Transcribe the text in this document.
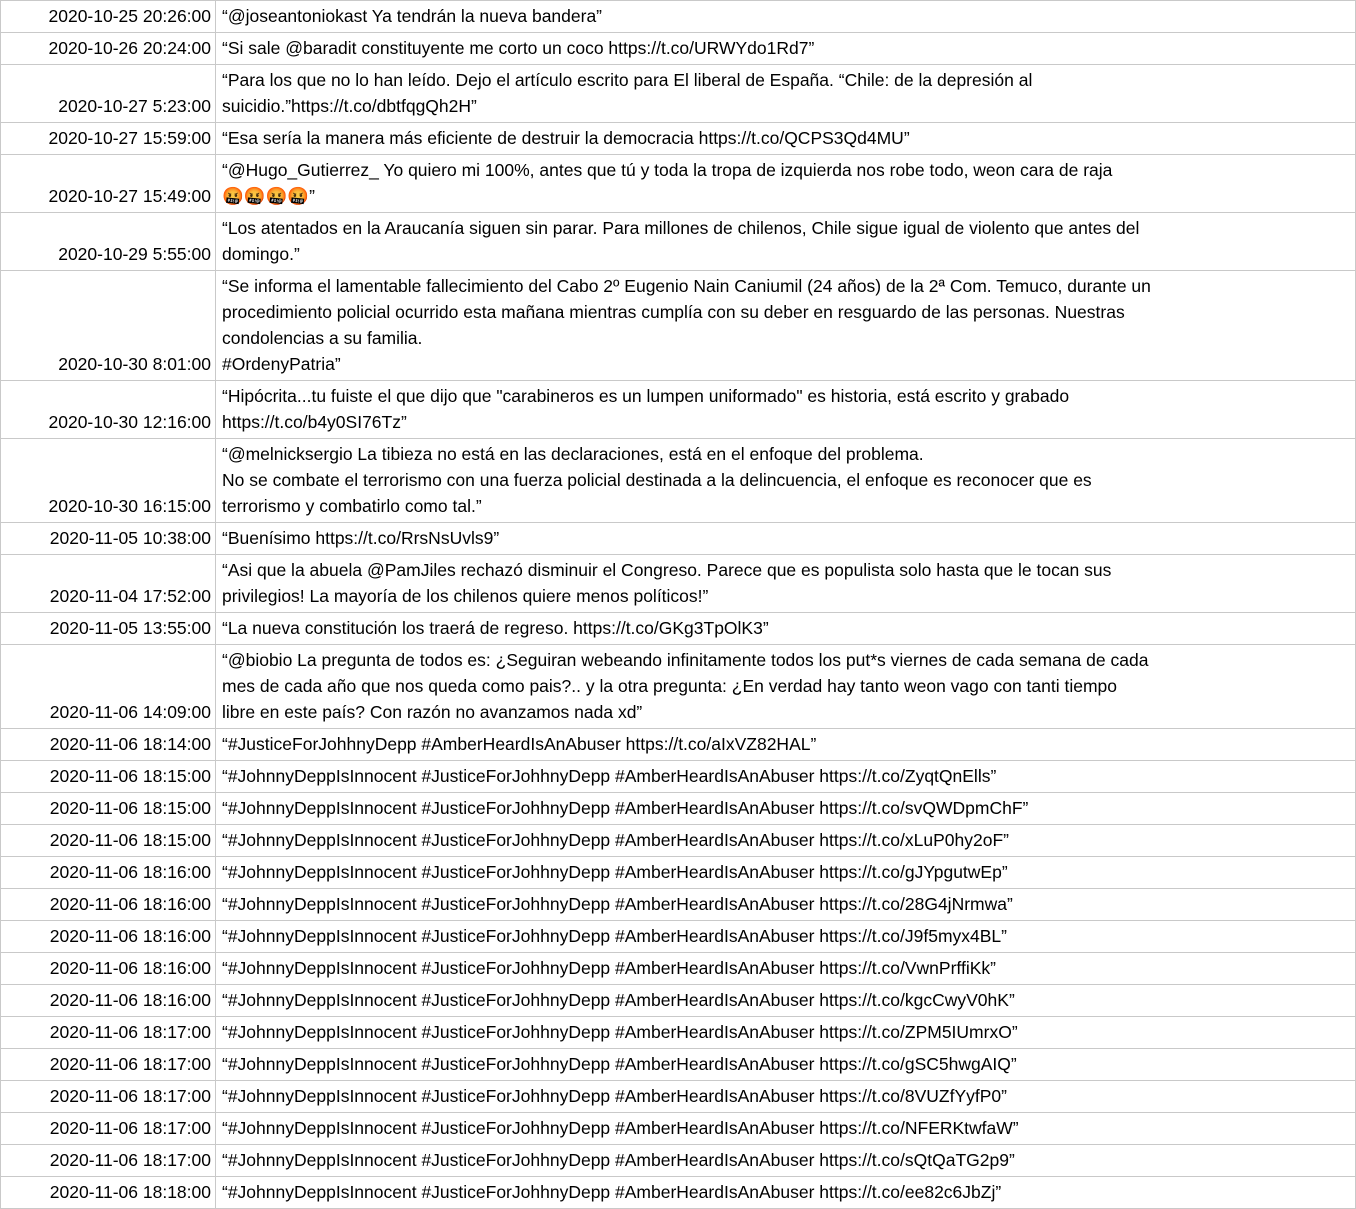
2020-10-25 20:26:00 “@joseantoniokast Ya tendrán la nueva bandera”
2020-10-26 20:24:00 “Si sale @baradit constituyente me corto un coco https://t.co/URWYdo1Rd7”
2020-10-27 5:23:00
“Para los que no lo han leído. Dejo el artículo escrito para El liberal de España. “Chile: de la depresión al
suicidio.”https://t.co/dbtfqgQh2H”
2020-10-27 15:59:00 “Esa sería la manera más eficiente de destruir la democracia https://t.co/QCPS3Qd4MU”
2020-10-27 15:49:00
“@Hugo_Gutierrez_ Yo quiero mi 100%, antes que tú y toda la tropa de izquierda nos robe todo, weon cara de raja
🤬🤬🤬🤬”
2020-10-29 5:55:00
“Los atentados en la Araucanía siguen sin parar. Para millones de chilenos, Chile sigue igual de violento que antes del
domingo.”
2020-10-30 8:01:00
“Se informa el lamentable fallecimiento del Cabo 2º Eugenio Nain Caniumil (24 años) de la 2ª Com. Temuco, durante un
procedimiento policial ocurrido esta mañana mientras cumplía con su deber en resguardo de las personas. Nuestras
condolencias a su familia.
#OrdenyPatria”
2020-10-30 12:16:00
“Hipócrita...tu fuiste el que dijo que "carabineros es un lumpen uniformado" es historia, está escrito y grabado
https://t.co/b4y0SI76Tz”
2020-10-30 16:15:00
“@melnicksergio La tibieza no está en las declaraciones, está en el enfoque del problema.
No se combate el terrorismo con una fuerza policial destinada a la delincuencia, el enfoque es reconocer que es
terrorismo y combatirlo como tal.”
2020-11-05 10:38:00 “Buenísimo https://t.co/RrsNsUvls9”
2020-11-04 17:52:00
“Asi que la abuela @PamJiles rechazó disminuir el Congreso. Parece que es populista solo hasta que le tocan sus
privilegios! La mayoría de los chilenos quiere menos políticos!”
2020-11-05 13:55:00 “La nueva constitución los traerá de regreso. https://t.co/GKg3TpOlK3”
2020-11-06 14:09:00
“@biobio La pregunta de todos es: ¿Seguiran webeando infinitamente todos los put*s viernes de cada semana de cada
mes de cada año que nos queda como pais?.. y la otra pregunta: ¿En verdad hay tanto weon vago con tanti tiempo
libre en este país? Con razón no avanzamos nada xd”
2020-11-06 18:14:00 “#JusticeForJohhnyDepp #AmberHeardIsAnAbuser https://t.co/aIxVZ82HAL”
2020-11-06 18:15:00 “#JohnnyDeppIsInnocent #JusticeForJohhnyDepp #AmberHeardIsAnAbuser https://t.co/ZyqtQnElls”
2020-11-06 18:15:00 “#JohnnyDeppIsInnocent #JusticeForJohhnyDepp #AmberHeardIsAnAbuser https://t.co/svQWDpmChF”
2020-11-06 18:15:00 “#JohnnyDeppIsInnocent #JusticeForJohhnyDepp #AmberHeardIsAnAbuser https://t.co/xLuP0hy2oF”
2020-11-06 18:16:00 “#JohnnyDeppIsInnocent #JusticeForJohhnyDepp #AmberHeardIsAnAbuser https://t.co/gJYpgutwEp”
2020-11-06 18:16:00 “#JohnnyDeppIsInnocent #JusticeForJohhnyDepp #AmberHeardIsAnAbuser https://t.co/28G4jNrmwa”
2020-11-06 18:16:00 “#JohnnyDeppIsInnocent #JusticeForJohhnyDepp #AmberHeardIsAnAbuser https://t.co/J9f5myx4BL”
2020-11-06 18:16:00 “#JohnnyDeppIsInnocent #JusticeForJohhnyDepp #AmberHeardIsAnAbuser https://t.co/VwnPrffiKk”
2020-11-06 18:16:00 “#JohnnyDeppIsInnocent #JusticeForJohhnyDepp #AmberHeardIsAnAbuser https://t.co/kgcCwyV0hK”
2020-11-06 18:17:00 “#JohnnyDeppIsInnocent #JusticeForJohhnyDepp #AmberHeardIsAnAbuser https://t.co/ZPM5IUmrxO”
2020-11-06 18:17:00 “#JohnnyDeppIsInnocent #JusticeForJohhnyDepp #AmberHeardIsAnAbuser https://t.co/gSC5hwgAIQ”
2020-11-06 18:17:00 “#JohnnyDeppIsInnocent #JusticeForJohhnyDepp #AmberHeardIsAnAbuser https://t.co/8VUZfYyfP0”
2020-11-06 18:17:00 “#JohnnyDeppIsInnocent #JusticeForJohhnyDepp #AmberHeardIsAnAbuser https://t.co/NFERKtwfaW”
2020-11-06 18:17:00 “#JohnnyDeppIsInnocent #JusticeForJohhnyDepp #AmberHeardIsAnAbuser https://t.co/sQtQaTG2p9”
2020-11-06 18:18:00 “#JohnnyDeppIsInnocent #JusticeForJohhnyDepp #AmberHeardIsAnAbuser https://t.co/ee82c6JbZj”
